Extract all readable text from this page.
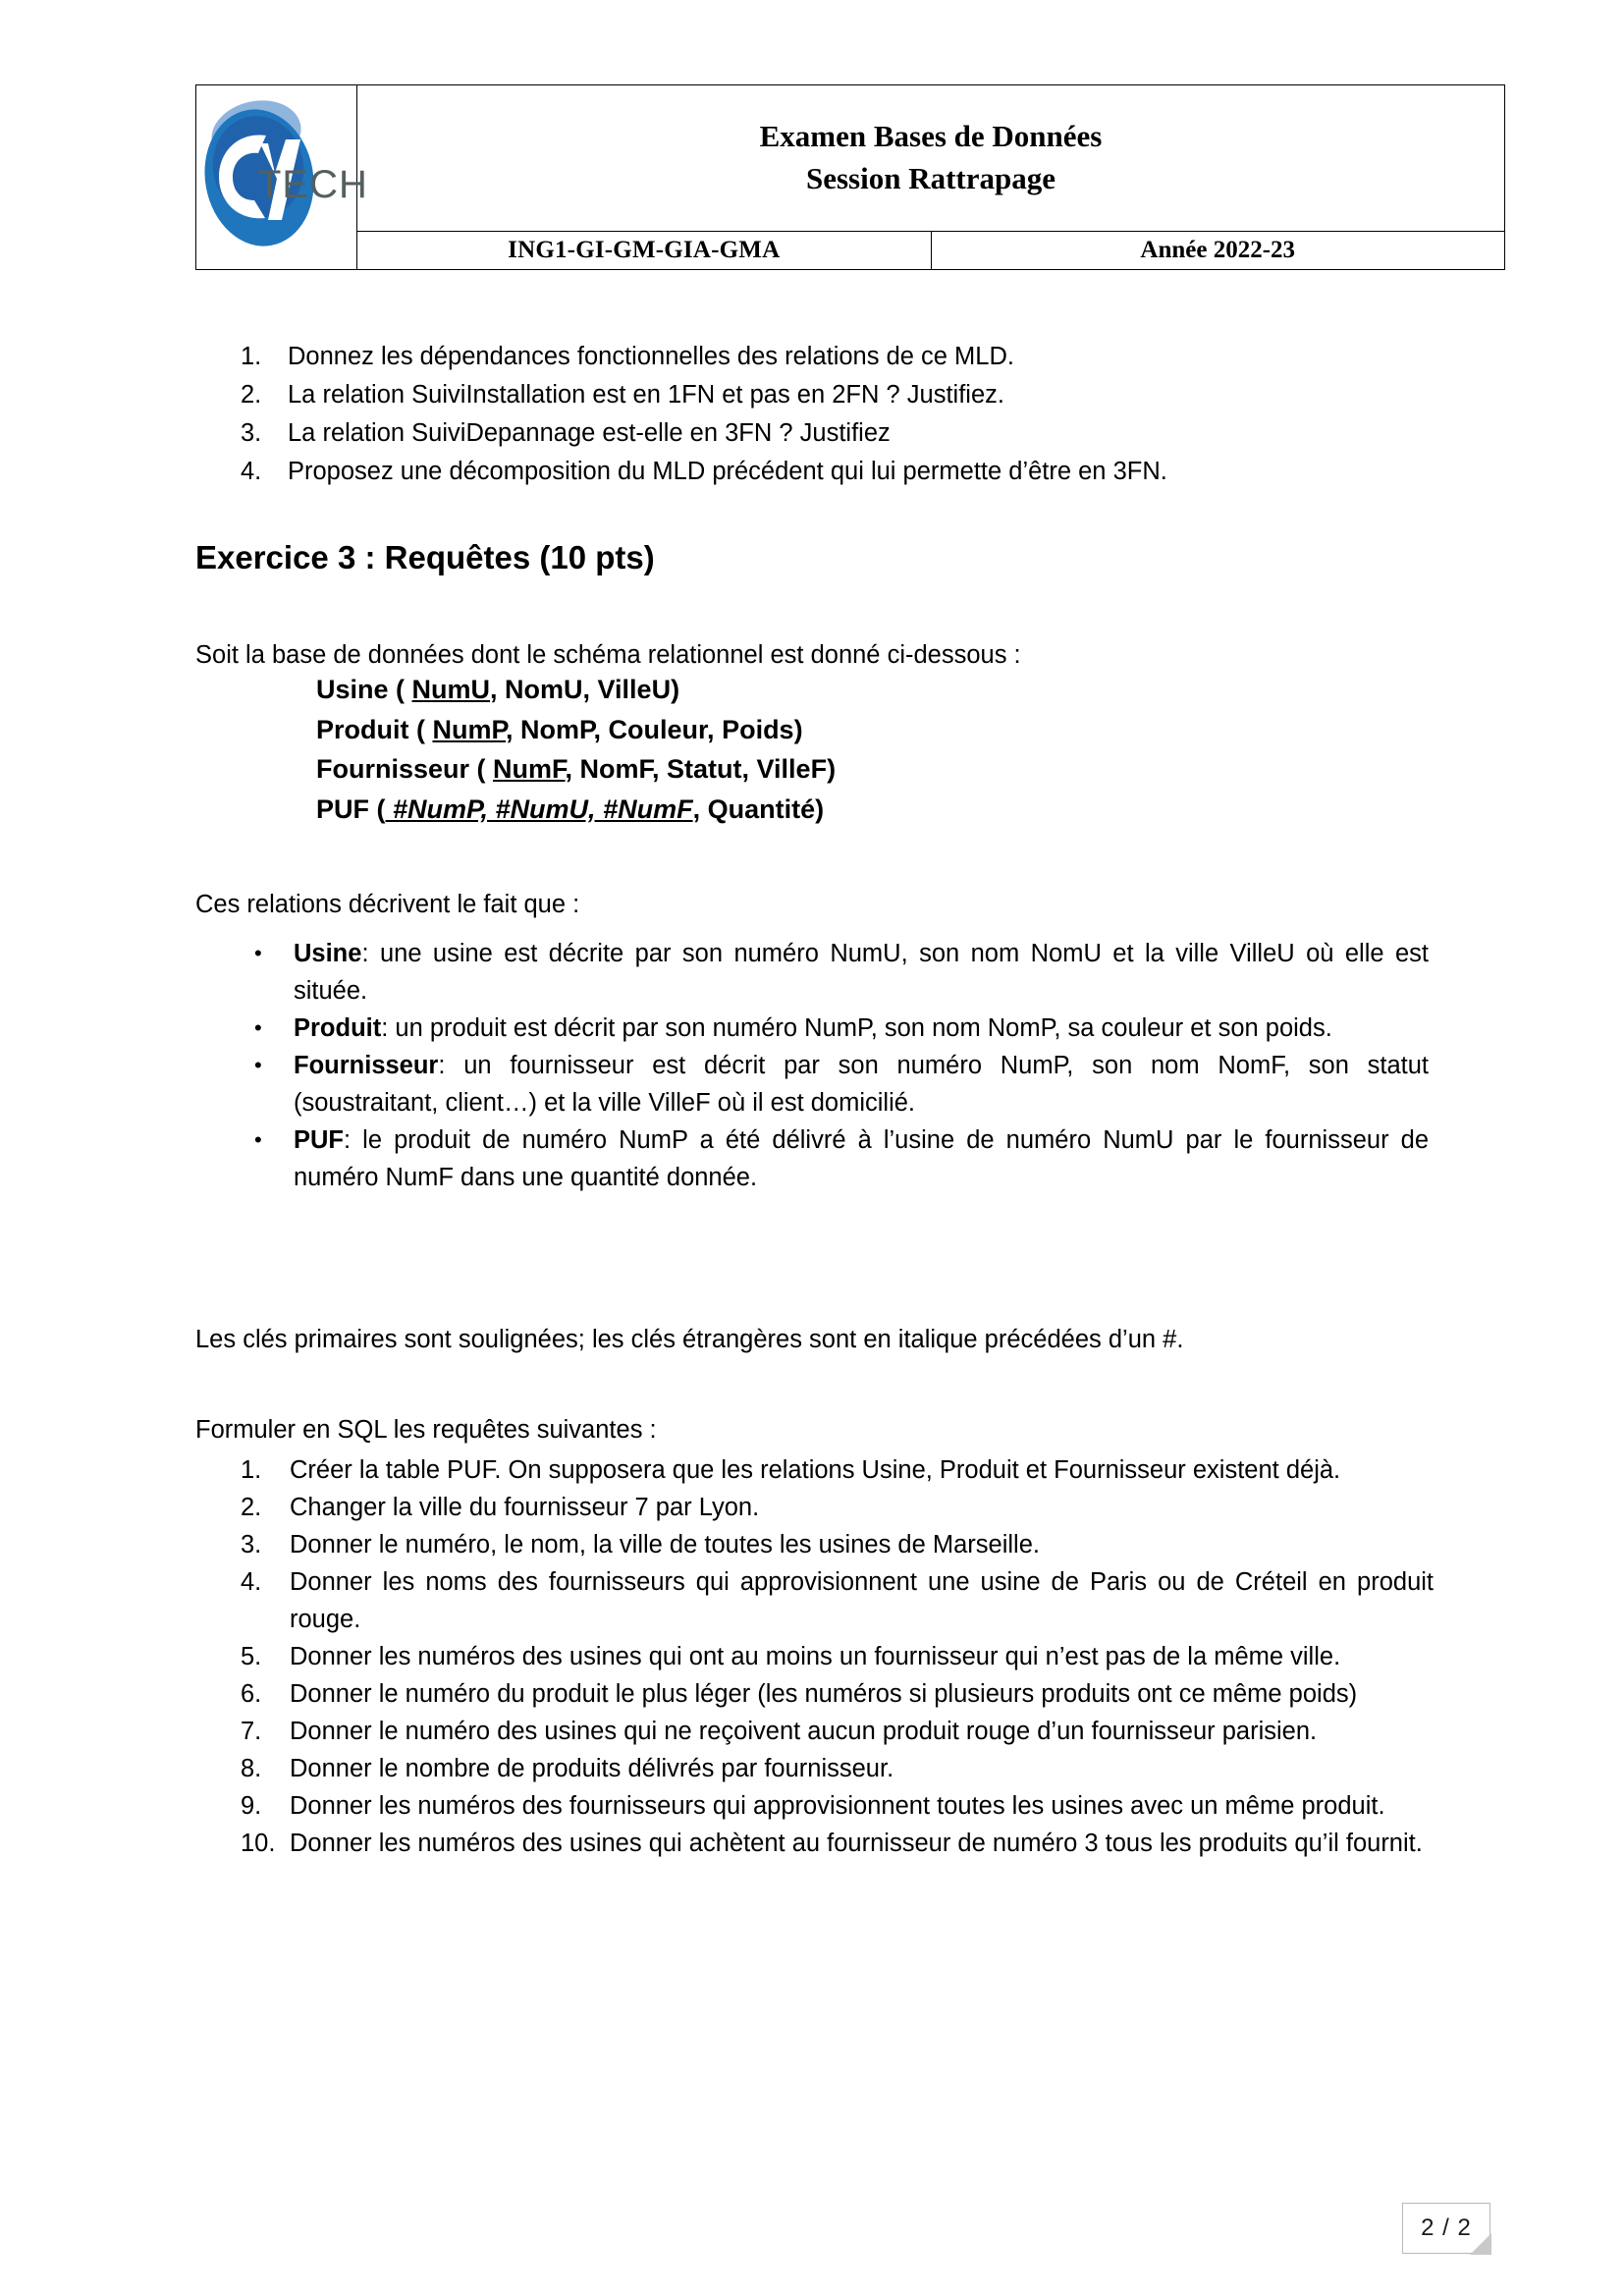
TECH	Examen Bases de Données
Session Rattrapage	

	ING1-GI-GM-GIA-GMA	Année 2022-23
1.	Donnez les dépendances fonctionnelles des relations de ce MLD.
2.	La relation SuiviInstallation est en 1FN et pas en 2FN ? Justifiez.
3.	La relation SuiviDepannage est-elle en 3FN ? Justifiez
4.	Proposez une décomposition du MLD précédent qui lui permette d’être en 3FN.
Exercice 3 : Requêtes (10 pts)
Soit la base de données dont le schéma relationnel est donné ci-dessous :
Usine ( NumU, NomU, VilleU)
Produit ( NumP, NomP, Couleur, Poids)
Fournisseur ( NumF, NomF, Statut, VilleF)
PUF ( #NumP, #NumU, #NumF, Quantité)
Ces relations décrivent le fait que :
•	Usine: une usine est décrite par son numéro NumU, son nom NomU et la ville VilleU où elle est située.
•	Produit: un produit est décrit par son numéro NumP, son nom NomP, sa couleur et son poids.
•	Fournisseur: un fournisseur est décrit par son numéro NumP, son nom NomF, son statut (soustraitant, client…) et la ville VilleF où il est domicilié.
•	PUF: le produit de numéro NumP a été délivré à l’usine de numéro NumU par le fournisseur de numéro NumF dans une quantité donnée.
Les clés primaires sont soulignées; les clés étrangères sont en italique précédées d’un #.
Formuler en SQL les requêtes suivantes :
1.	Créer la table PUF. On supposera que les relations Usine, Produit et Fournisseur existent déjà.
2.	Changer la ville du fournisseur 7 par Lyon.
3.	Donner le numéro, le nom, la ville de toutes les usines de Marseille.
4.	Donner les noms des fournisseurs qui approvisionnent une usine de Paris ou de Créteil en produit rouge.
5.	Donner les numéros des usines qui ont au moins un fournisseur qui n’est pas de la même ville.
6.	Donner le numéro du produit le plus léger (les numéros si plusieurs produits ont ce même poids)
7.	Donner le numéro des usines qui ne reçoivent aucun produit rouge d’un fournisseur parisien.
8.	Donner le nombre de produits délivrés par fournisseur.
9.	Donner les numéros des fournisseurs qui approvisionnent toutes les usines avec un même produit.
10. Donner les numéros des usines qui achètent au fournisseur de numéro 3 tous les produits qu’il fournit.
2 / 2
